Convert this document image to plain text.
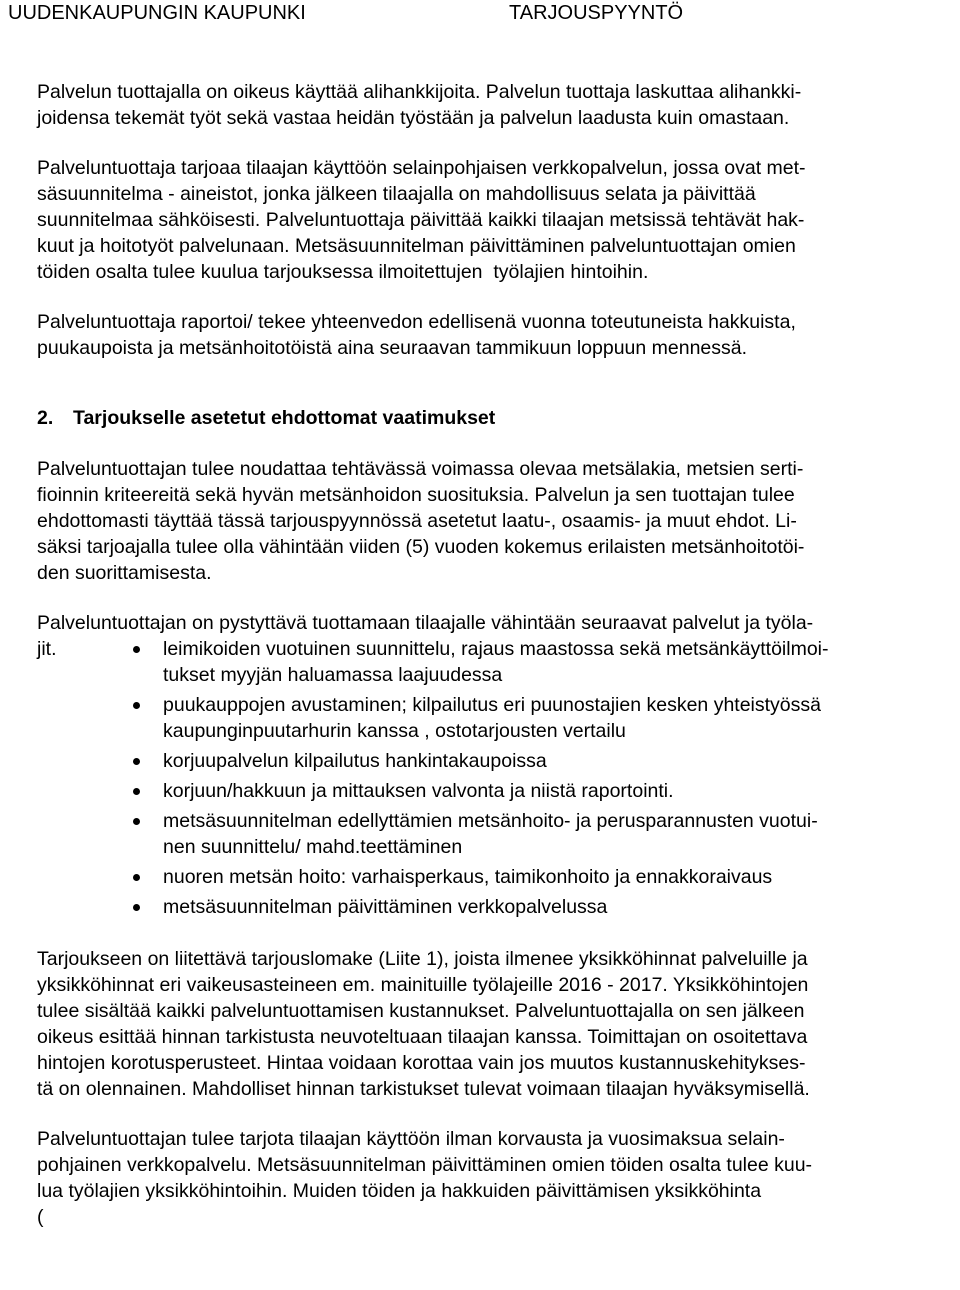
UUDENKAUPUNGIN KAUPUNKI	TARJOUSPYYNTÖ
Palvelun tuottajalla on oikeus käyttää alihankkijoita. Palvelun tuottaja laskuttaa alihankki-
joidensa tekemät työt sekä vastaa heidän työstään ja palvelun laadusta kuin omastaan.
Palveluntuottaja tarjoaa tilaajan käyttöön selainpohjaisen verkkopalvelun, jossa ovat met-
säsuunnitelma - aineistot, jonka jälkeen tilaajalla on mahdollisuus selata ja päivittää
suunnitelmaa sähköisesti. Palveluntuottaja päivittää kaikki tilaajan metsissä tehtävät hak-
kuut ja hoitotyöt palvelunaan. Metsäsuunnitelman päivittäminen palveluntuottajan omien
töiden osalta tulee kuulua tarjouksessa ilmoitettujen  työlajien hintoihin.
Palveluntuottaja raportoi/ tekee yhteenvedon edellisenä vuonna toteutuneista hakkuista,
puukaupoista ja metsänhoitotöistä aina seuraavan tammikuun loppuun mennessä.
2. Tarjoukselle asetetut ehdottomat vaatimukset
Palveluntuottajan tulee noudattaa tehtävässä voimassa olevaa metsälakia, metsien serti-
fioinnin kriteereitä sekä hyvän metsänhoidon suosituksia. Palvelun ja sen tuottajan tulee
ehdottomasti täyttää tässä tarjouspyynnössä asetetut laatu-, osaamis- ja muut ehdot. Li-
säksi tarjoajalla tulee olla vähintään viiden (5) vuoden kokemus erilaisten metsänhoitotöi-
den suorittamisesta.
Palveluntuottajan on pystyttävä tuottamaan tilaajalle vähintään seuraavat palvelut ja työla-
jit.	leimikoiden vuotuinen suunnittelu, rajaus maastossa sekä metsänkäyttöilmoi-
tukset myyjän haluamassa laajuudessa
puukauppojen avustaminen; kilpailutus eri puunostajien kesken yhteistyössä
kaupunginpuutarhurin kanssa , ostotarjousten vertailu
korjuupalvelun kilpailutus hankintakaupoissa
korjuun/hakkuun ja mittauksen valvonta ja niistä raportointi.
metsäsuunnitelman edellyttämien metsänhoito- ja perusparannusten vuotui-
nen suunnittelu/ mahd.teettäminen
nuoren metsän hoito: varhaisperkaus, taimikonhoito ja ennakkoraivaus
metsäsuunnitelman päivittäminen verkkopalvelussa
Tarjoukseen on liitettävä tarjouslomake (Liite 1), joista ilmenee yksikköhinnat palveluille ja
yksikköhinnat eri vaikeusasteineen em. mainituille työlajeille 2016 - 2017. Yksikköhintojen
tulee sisältää kaikki palveluntuottamisen kustannukset. Palveluntuottajalla on sen jälkeen
oikeus esittää hinnan tarkistusta neuvoteltuaan tilaajan kanssa. Toimittajan on osoitettava
hintojen korotusperusteet. Hintaa voidaan korottaa vain jos muutos kustannuskehitykses-
tä on olennainen. Mahdolliset hinnan tarkistukset tulevat voimaan tilaajan hyväksymisellä.
Palveluntuottajan tulee tarjota tilaajan käyttöön ilman korvausta ja vuosimaksua selain-
pohjainen verkkopalvelu. Metsäsuunnitelman päivittäminen omien töiden osalta tulee kuu-
lua työlajien yksikköhintoihin. Muiden töiden ja hakkuiden päivittämisen yksikköhinta
(
